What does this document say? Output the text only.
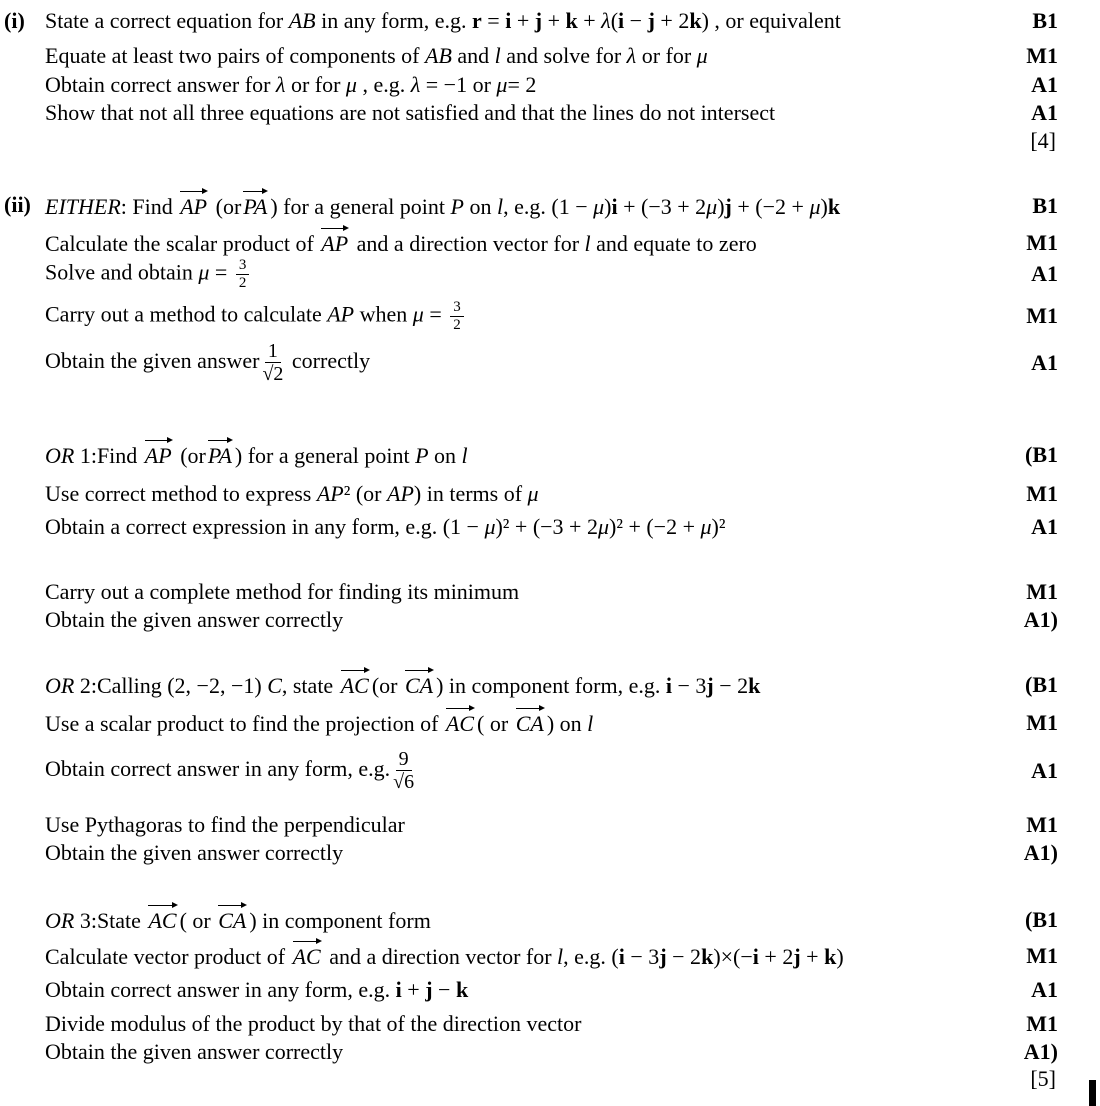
(i) State a correct equation for AB in any form, e.g. r = i + j + k + λ(i − j + 2k) , or equivalent	B1
Equate at least two pairs of components of AB and l and solve for λ or for μ	M1
Obtain correct answer for λ or for μ , e.g. λ = −1 or μ= 2	A1
Show that not all three equations are not satisfied and that the lines do not intersect	A1
[4]
(ii) EITHER: Find AP (orPA ) for a general point P on l, e.g. (1 − μ)i + (−3 + 2μ)j + (−2 + μ)k	B1
Calculate the scalar product of AP and a direction vector for l and equate to zero	M1
Solve and obtain $\mu = \frac{3}{2}$	A1
Carry out a method to calculate AP when $\mu = \frac{3}{2}$	M1
Obtain the given answer $\frac{1}{√2}$ correctly	A1
OR 1:Find AP (orPA ) for a general point P on l	(B1
Use correct method to express AP² (or AP) in terms of μ	M1
Obtain a correct expression in any form, e.g. (1 − μ)² + (−3 + 2μ)² + (−2 + μ)²	A1
Carry out a complete method for finding its minimum	M1
Obtain the given answer correctly	A1)
OR 2:Calling (2, −2, −1) C, state AC (or CA ) in component form, e.g. i − 3j − 2k	(B1
Use a scalar product to find the projection of AC ( or CA ) on l	M1
Obtain correct answer in any form, e.g. $\frac{9}{√6}$	A1
Use Pythagoras to find the perpendicular	M1
Obtain the given answer correctly	A1)
OR 3:State AC ( or CA ) in component form	(B1
Calculate vector product of AC and a direction vector for l, e.g. (i − 3j − 2k)×(−i + 2j + k)	M1
Obtain correct answer in any form, e.g. i + j − k	A1
Divide modulus of the product by that of the direction vector	M1
Obtain the given answer correctly	A1)
[5]
